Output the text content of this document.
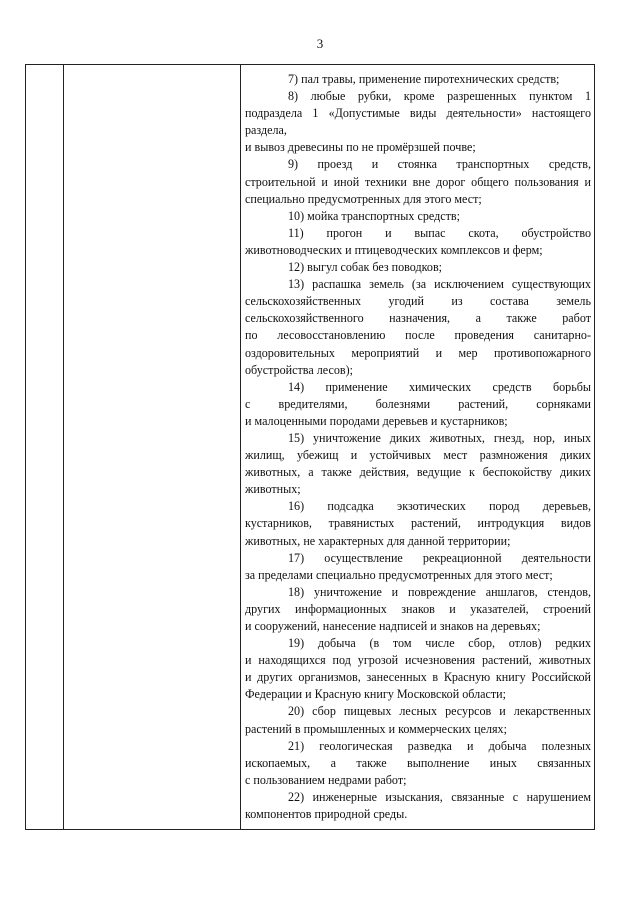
3
7) пал травы, применение пиротехнических средств;
8) любые рубки, кроме разрешенных пунктом 1
подраздела 1 «Допустимые виды деятельности» настоящего
раздела,
и вывоз древесины по не промёрзшей почве;
9) проезд и стоянка транспортных средств,
строительной и иной техники вне дорог общего пользования и
специально предусмотренных для этого мест;
10) мойка транспортных средств;
11) прогон и выпас скота, обустройство
животноводческих и птицеводческих комплексов и ферм;
12) выгул собак без поводков;
13) распашка земель (за исключением существующих
сельскохозяйственных угодий из состава земель
сельскохозяйственного назначения, а также работ
по лесовосстановлению после проведения санитарно-
оздоровительных мероприятий и мер противопожарного
обустройства лесов);
14) применение химических средств борьбы
с вредителями, болезнями растений, сорняками
и малоценными породами деревьев и кустарников;
15) уничтожение диких животных, гнезд, нор, иных
жилищ, убежищ и устойчивых мест размножения диких
животных, а также действия, ведущие к беспокойству диких
животных;
16) подсадка экзотических пород деревьев,
кустарников, травянистых растений, интродукция видов
животных, не характерных для данной территории;
17) осуществление рекреационной деятельности
за пределами специально предусмотренных для этого мест;
18) уничтожение и повреждение аншлагов, стендов,
других информационных знаков и указателей, строений
и сооружений, нанесение надписей и знаков на деревьях;
19) добыча (в том числе сбор, отлов) редких
и находящихся под угрозой исчезновения растений, животных
и других организмов, занесенных в Красную книгу Российской
Федерации и Красную книгу Московской области;
20) сбор пищевых лесных ресурсов и лекарственных
растений в промышленных и коммерческих целях;
21) геологическая разведка и добыча полезных
ископаемых, а также выполнение иных связанных
с пользованием недрами работ;
22) инженерные изыскания, связанные с нарушением
компонентов природной среды.
